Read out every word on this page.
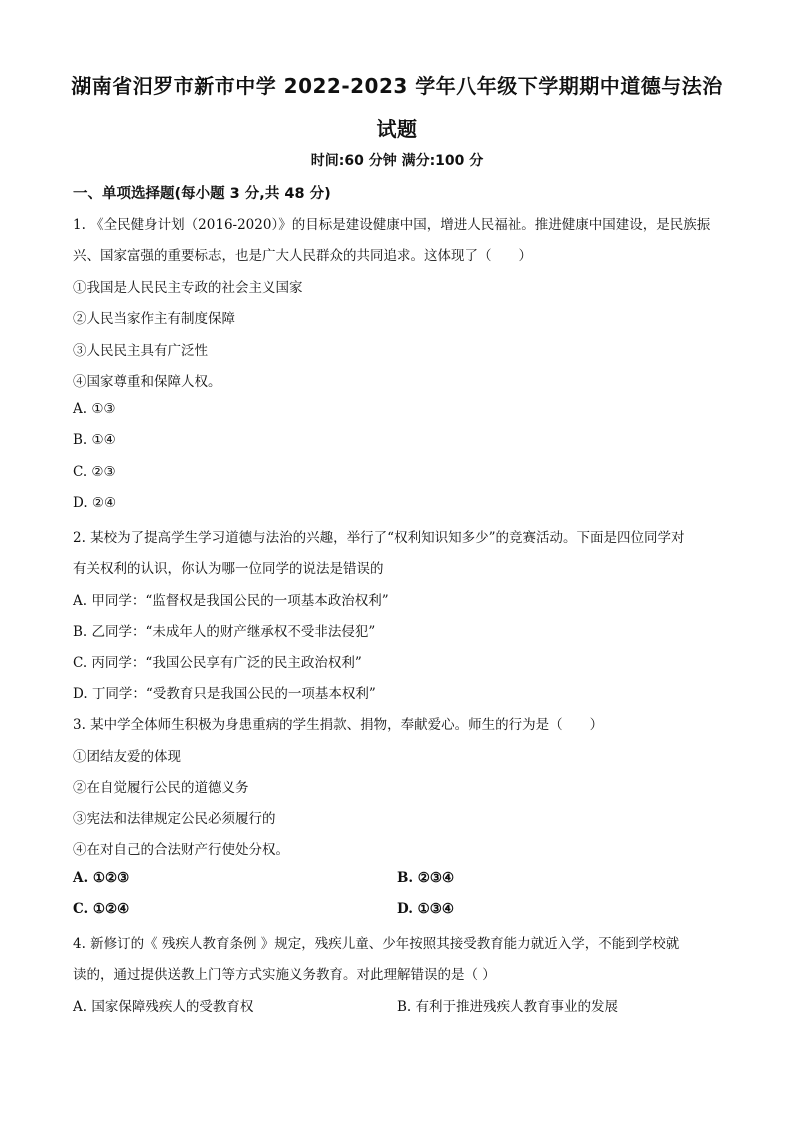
湖南省汨罗市新市中学 2022-2023 学年八年级下学期期中道德与法治
试题
时间:60 分钟 满分:100 分
一、单项选择题(每小题 3 分,共 48 分)
1. 《全民健身计划（2016-2020）》的目标是建设健康中国，增进人民福祉。推进健康中国建设，是民族振
兴、国家富强的重要标志，也是广大人民群众的共同追求。这体现了（　　）
①我国是人民民主专政的社会主义国家
②人民当家作主有制度保障
③人民民主具有广泛性
④国家尊重和保障人权。
A. ①③
B. ①④
C. ②③
D. ②④
2. 某校为了提高学生学习道德与法治的兴趣，举行了“权利知识知多少”的竞赛活动。下面是四位同学对
有关权利的认识，你认为哪一位同学的说法是错误的
A. 甲同学：“监督权是我国公民的一项基本政治权利”
B. 乙同学：“未成年人的财产继承权不受非法侵犯”
C. 丙同学：“我国公民享有广泛的民主政治权利”
D. 丁同学：“受教育只是我国公民的一项基本权利”
3. 某中学全体师生积极为身患重病的学生捐款、捐物，奉献爱心。师生的行为是（　　）
①团结友爱的体现
②在自觉履行公民的道德义务
③宪法和法律规定公民必须履行的
④在对自己的合法财产行使处分权。
A. ①②③	B. ②③④
C. ①②④	D. ①③④
4. 新修订的《 残疾人教育条例 》规定，残疾儿童、少年按照其接受教育能力就近入学，不能到学校就
读的，通过提供送教上门等方式实施义务教育。对此理解错误的是（ ）
A. 国家保障残疾人的受教育权	B. 有利于推进残疾人教育事业的发展
